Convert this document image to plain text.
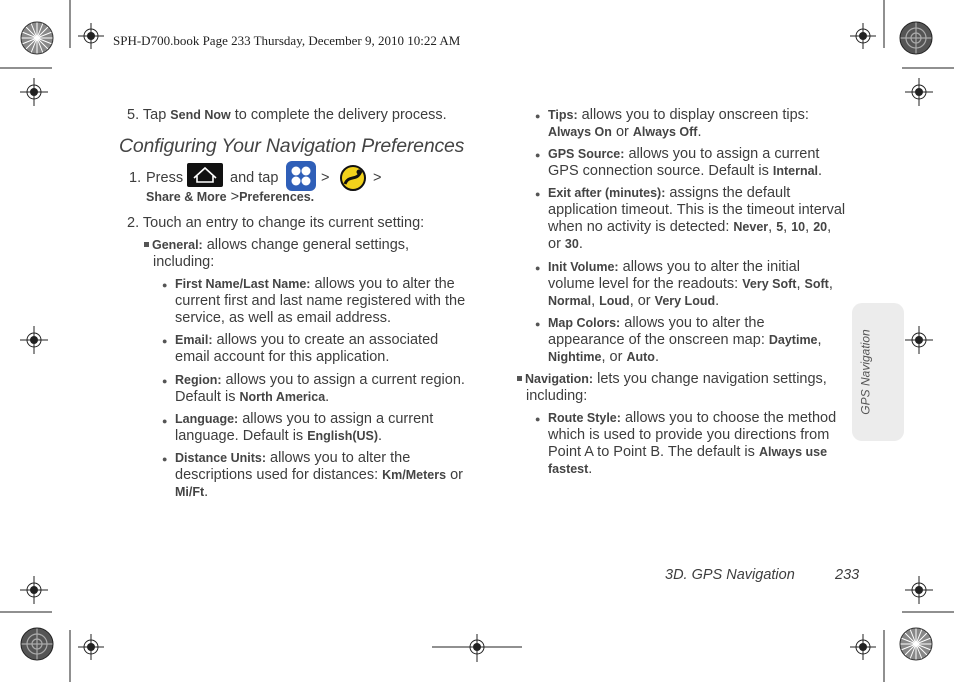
SPH-D700.book Page 233 Thursday, December 9, 2010 10:22 AM
5. Tap Send Now to complete the delivery process.
Configuring Your Navigation Preferences
1. Press	and tap	>	>
Share & More >Preferences.
2. Touch an entry to change its current setting:
General: allows change general settings,
including:
● First Name/Last Name: allows you to alter the
current first and last name registered with the
service, as well as email address.
● Email: allows you to create an associated
email account for this application.
● Region: allows you to assign a current region.
Default is North America.
● Language: allows you to assign a current
language. Default is English(US).
● Distance Units: allows you to alter the
descriptions used for distances: Km/Meters or
Mi/Ft.
● Tips: allows you to display onscreen tips:
Always On or Always Off.
● GPS Source: allows you to assign a current
GPS connection source. Default is Internal.
● Exit after (minutes): assigns the default
application timeout. This is the timeout interval
when no activity is detected: Never, 5, 10, 20,
or 30.
● Init Volume: allows you to alter the initial
volume level for the readouts: Very Soft, Soft,
Normal, Loud, or Very Loud.
● Map Colors: allows you to alter the
appearance of the onscreen map: Daytime,
Nightime, or Auto.
Navigation: lets you change navigation settings,
including:
● Route Style: allows you to choose the method
which is used to provide you directions from
Point A to Point B. The default is Always use
fastest.
GPS Navigation
3D. GPS Navigation	233
